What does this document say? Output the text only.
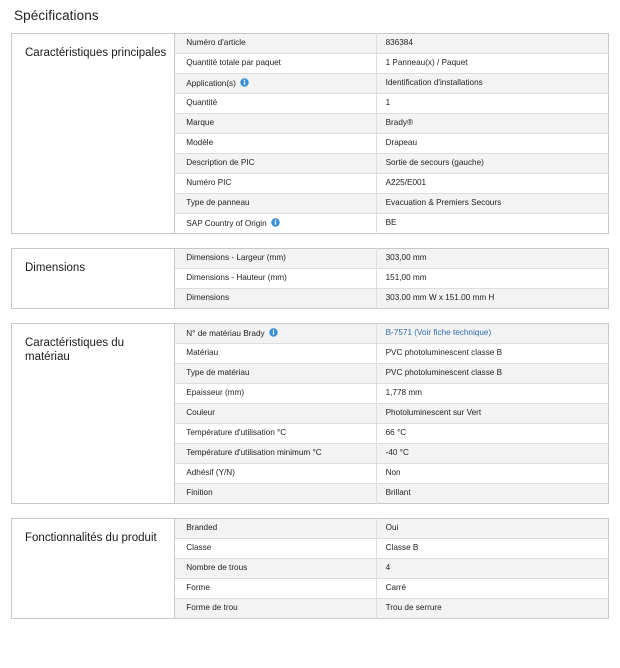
Spécifications
Caractéristiques principales	Numéro d'article	836384
	Quantité totale par paquet	1 Panneau(x) / Paquet
	Application(s)	Identification d'installations
	Quantité	1
	Marque	Brady®
	Modèle	Drapeau
	Description de PIC	Sortie de secours (gauche)
	Numéro PIC	A225/E001
	Type de panneau	Evacuation & Premiers Secours
	SAP Country of Origin	BE
Dimensions	Dimensions - Largeur (mm)	303,00 mm
	Dimensions - Hauteur (mm)	151,00 mm
	Dimensions	303.00 mm W x 151.00 mm H
Caractéristiques du matériau	N° de matériau Brady	B-7571 (Voir fiche technique)
	Matériau	PVC photoluminescent classe B
	Type de matériau	PVC photoluminescent classe B
	Epaisseur (mm)	1,778 mm
	Couleur	Photoluminescent sur Vert
	Température d'utilisation °C	66 °C
	Température d'utilisation minimum °C	-40 °C
	Adhésif (Y/N)	Non
	Finition	Brillant
Fonctionnalités du produit	Branded	Oui
	Classe	Classe B
	Nombre de trous	4
	Forme	Carré
	Forme de trou	Trou de serrure
